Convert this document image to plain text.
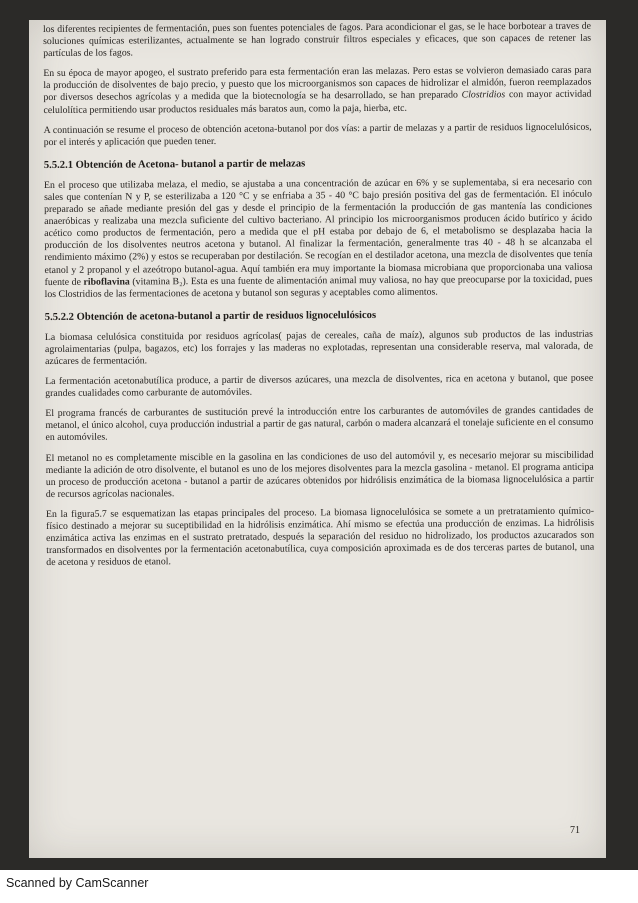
los diferentes recipientes de fermentación, pues son fuentes potenciales de fagos. Para acondicionar el gas, se le hace borbotear a traves de soluciones químicas esterilizantes, actualmente se han logrado construir filtros especiales y eficaces, que son capaces de retener las partículas de los fagos.

En su época de mayor apogeo, el sustrato preferido para esta fermentación eran las melazas. Pero estas se volvieron demasiado caras para la producción de disolventes de bajo precio, y puesto que los microorganismos son capaces de hidrolizar el almidón, fueron reemplazados por diversos desechos agrícolas y a medida que la biotecnología se ha desarrollado, se han preparado Clostridios con mayor actividad celulolítica permitiendo usar productos residuales más baratos aun, como la paja, hierba, etc.

A continuación se resume el proceso de obtención acetona-butanol por dos vías: a partir de melazas y a partir de residuos lignocelulósicos, por el interés y aplicación que pueden tener.

5.5.2.1 Obtención de Acetona- butanol a partir de melazas

En el proceso que utilizaba melaza, el medio, se ajustaba a una concentración de azúcar en 6% y se suplementaba, si era necesario con sales que contenían N y P, se esterilizaba a 120 °C y se enfriaba a 35 - 40 °C bajo presión positiva del gas de fermentación. El inóculo preparado se añade mediante presión del gas y desde el principio de la fermentación la producción de gas mantenía las condiciones anaeróbicas y realizaba una mezcla suficiente del cultivo bacteriano. Al principio los microorganismos producen ácido butírico y ácido acético como productos de fermentación, pero a medida que el pH estaba por debajo de 6, el metabolismo se desplazaba hacia la producción de los disolventes neutros acetona y butanol. Al finalizar la fermentación, generalmente tras 40 - 48 h se alcanzaba el rendimiento máximo (2%) y estos se recuperaban por destilación. Se recogían en el destilador acetona, una mezcla de disolventes que tenía etanol y 2 propanol y el azeótropo butanol-agua. Aquí también era muy importante la biomasa microbiana que proporcionaba una valiosa fuente de riboflavina (vitamina B₂). Esta es una fuente de alimentación animal muy valiosa, no hay que preocuparse por la toxicidad, pues los Clostridios de las fermentaciones de acetona y butanol son seguras y aceptables como alimentos.

5.5.2.2 Obtención de acetona-butanol a partir de residuos lignocelulósicos

La biomasa celulósica constituida por residuos agrícolas( pajas de cereales, caña de maíz), algunos sub productos de las industrias agrolaimentarias (pulpa, bagazos, etc) los forrajes y las maderas no explotadas, representan una considerable reserva, mal valorada, de azúcares de fermentación.

La fermentación acetonabutílica produce, a partir de diversos azúcares, una mezcla de disolventes, rica en acetona y butanol, que posee grandes cualidades como carburante de automóviles.

El programa francés de carburantes de sustitución prevé la introducción entre los carburantes de automóviles de grandes cantidades de metanol, el único alcohol, cuya producción industrial a partir de gas natural, carbón o madera alcanzará el tonelaje suficiente en el consumo en automóviles.

El metanol no es completamente miscible en la gasolina en las condiciones de uso del automóvil y, es necesario mejorar su miscibilidad mediante la adición de otro disolvente, el butanol es uno de los mejores disolventes para la mezcla gasolina - metanol. El programa anticipa un proceso de producción acetona - butanol a partir de azúcares obtenidos por hidrólisis enzimática de la biomasa lignocelulósica a partir de recursos agrícolas nacionales.

En la figura5.7 se esquematizan las etapas principales del proceso. La biomasa lignocelulósica se somete a un pretratamiento químico-físico destinado a mejorar su suceptibilidad en la hidrólisis enzimática. Ahí mismo se efectúa una producción de enzimas. La hidrólisis enzimática activa las enzimas en el sustrato pretratado, después la separación del residuo no hidrolizado, los productos azucarados son transformados en disolventes por la fermentación acetonabutílica, cuya composición aproximada es de dos terceras partes de butanol, una de acetona y residuos de etanol.

71
Scanned by CamScanner
